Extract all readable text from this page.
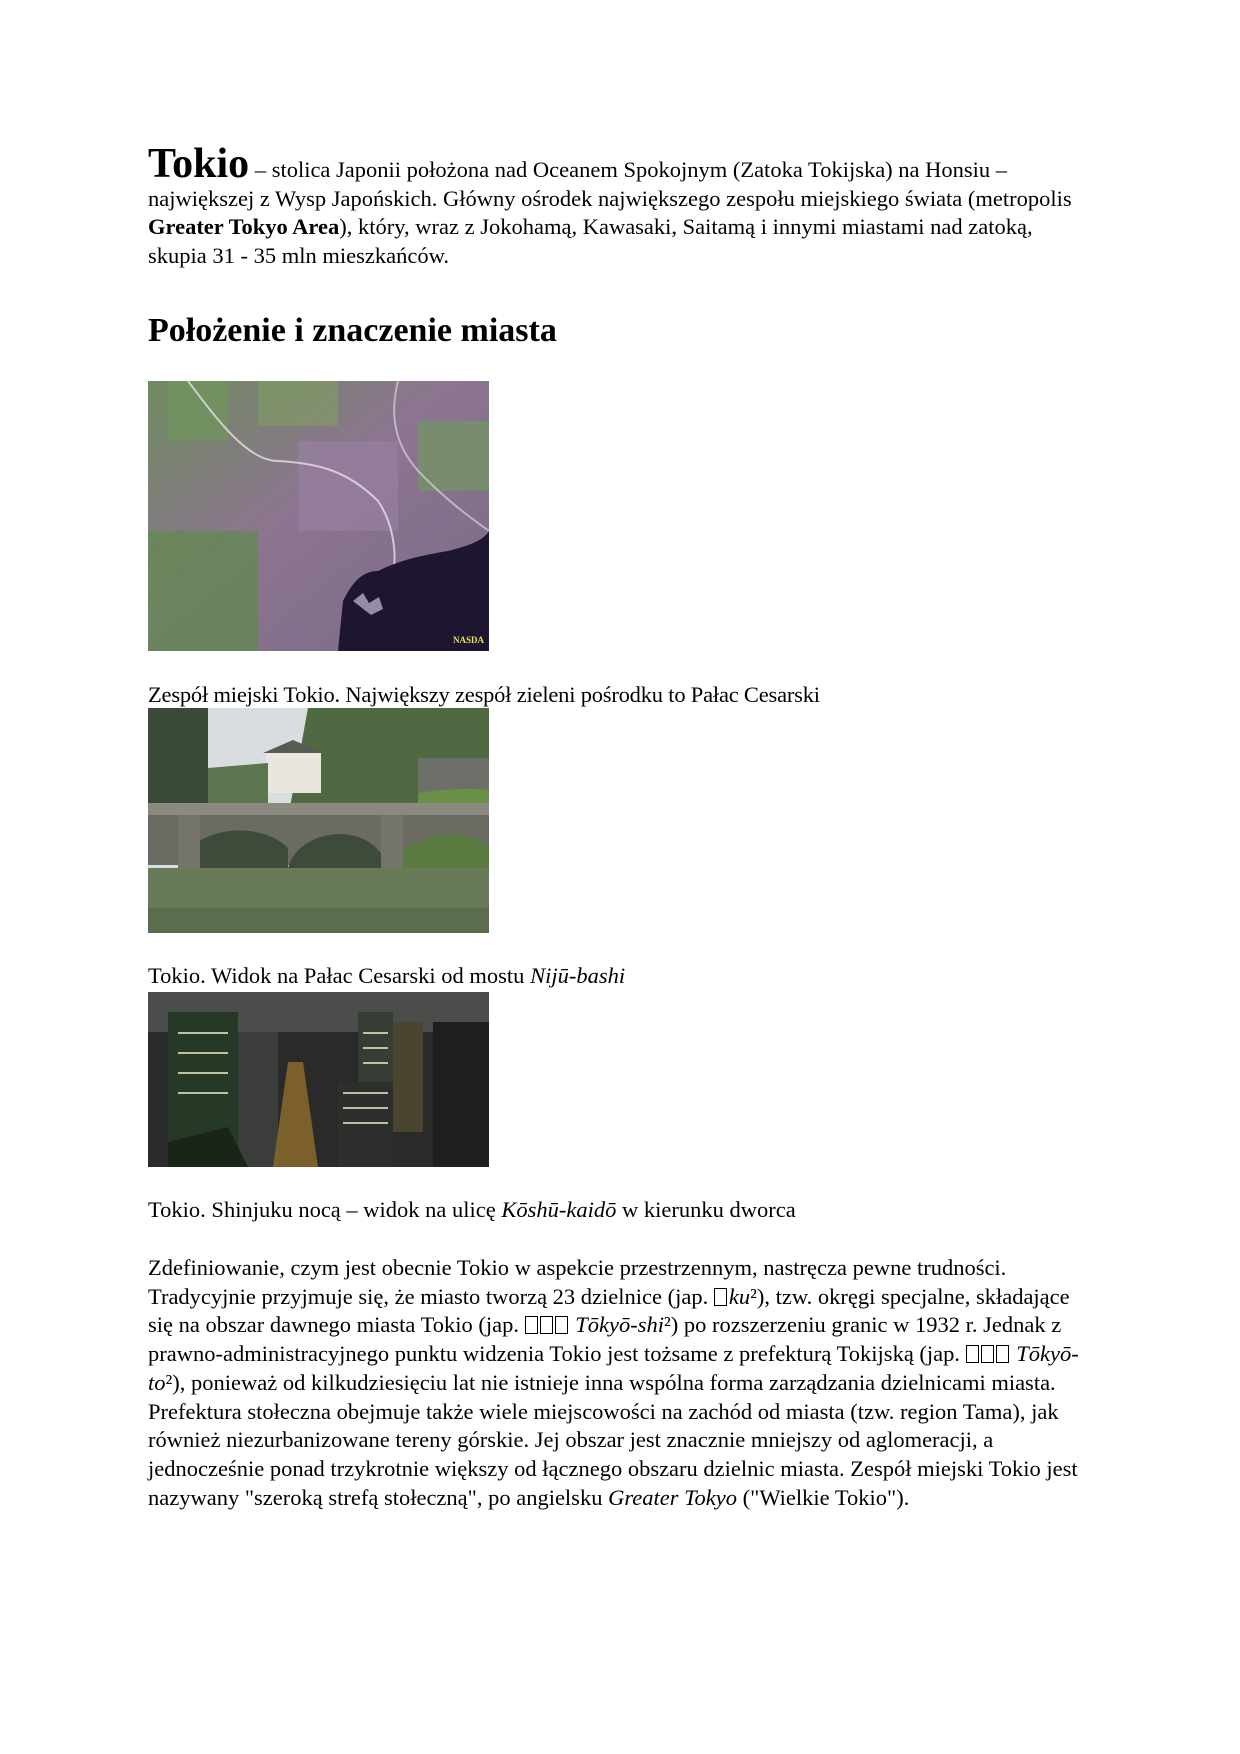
Tokio – stolica Japonii położona nad Oceanem Spokojnym (Zatoka Tokijska) na Honsiu – największej z Wysp Japońskich. Główny ośrodek największego zespołu miejskiego świata (metropolis Greater Tokyo Area), który, wraz z Jokohamą, Kawasaki, Saitamą i innymi miastami nad zatoką, skupia 31 - 35 mln mieszkańców.

Położenie i znaczenie miasta
NASDA

Zespół miejski Tokio. Największy zespół zieleni pośrodku to Pałac Cesarski

Tokio. Widok na Pałac Cesarski od mostu Nijū-bashi

Tokio. Shinjuku nocą – widok na ulicę Kōshū-kaidō w kierunku dworca

Zdefiniowanie, czym jest obecnie Tokio w aspekcie przestrzennym, nastręcza pewne trudności. Tradycyjnie przyjmuje się, że miasto tworzą 23 dzielnice (jap. ku²), tzw. okręgi specjalne, składające się na obszar dawnego miasta Tokio (jap.  Tōkyō-shi²) po rozszerzeniu granic w 1932 r. Jednak z prawno-administracyjnego punktu widzenia Tokio jest tożsame z prefekturą Tokijską (jap.  Tōkyō-to²), ponieważ od kilkudziesięciu lat nie istnieje inna wspólna forma zarządzania dzielnicami miasta. Prefektura stołeczna obejmuje także wiele miejscowości na zachód od miasta (tzw. region Tama), jak również niezurbanizowane tereny górskie. Jej obszar jest znacznie mniejszy od aglomeracji, a jednocześnie ponad trzykrotnie większy od łącznego obszaru dzielnic miasta. Zespół miejski Tokio jest nazywany "szeroką strefą stołeczną", po angielsku Greater Tokyo ("Wielkie Tokio").
